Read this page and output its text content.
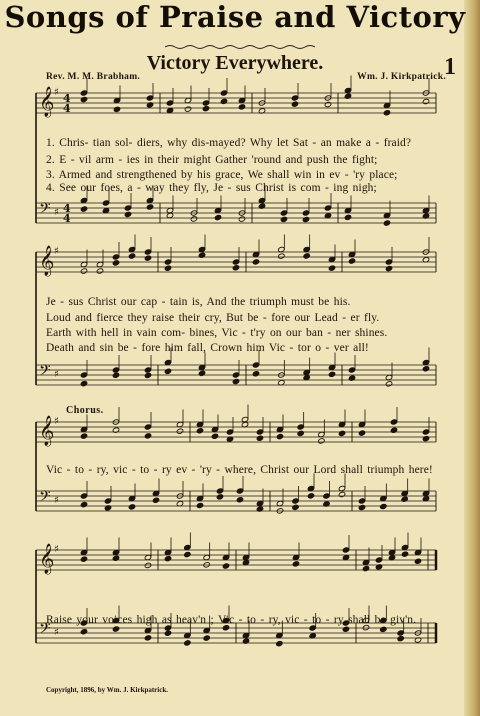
Songs of Praise and Victory
Victory Everywhere.	1
Rev. M. M. Brabham.	Wm. J. Kirkpatrick.
𝄞 ♯ 4
4
𝄢 ♯ 4
4
𝄞 ♯
𝄢 ♯
𝄞 ♯
𝄢 ♯
𝄞 ♯
𝄢 ♯
1. Chris- tian sol- diers, why dis-mayed? Why let Sat - an make a - fraid?
2. E - vil arm - ies in their might Gather 'round and push the fight;
3. Armed and strengthened by his grace, We shall win in ev - 'ry place;
4. See our foes, a - way they fly, Je - sus Christ is com - ing nigh;
Je - sus Christ our cap - tain is, And the triumph must be his.
Loud and fierce they raise their cry, But be - fore our Lead - er fly.
Earth with hell in vain com- bines, Vic - t'ry on our ban - ner shines.
Death and sin be - fore him fall, Crown him Vic - tor o - ver all!
Chorus.
Vic - to - ry, vic - to - ry ev - 'ry - where, Christ our Lord shall triumph here!
Raise your voices high as heav'n ; Vic - to - ry, vic - to - ry shall be giv'n.
Copyright, 1896, by Wm. J. Kirkpatrick.
